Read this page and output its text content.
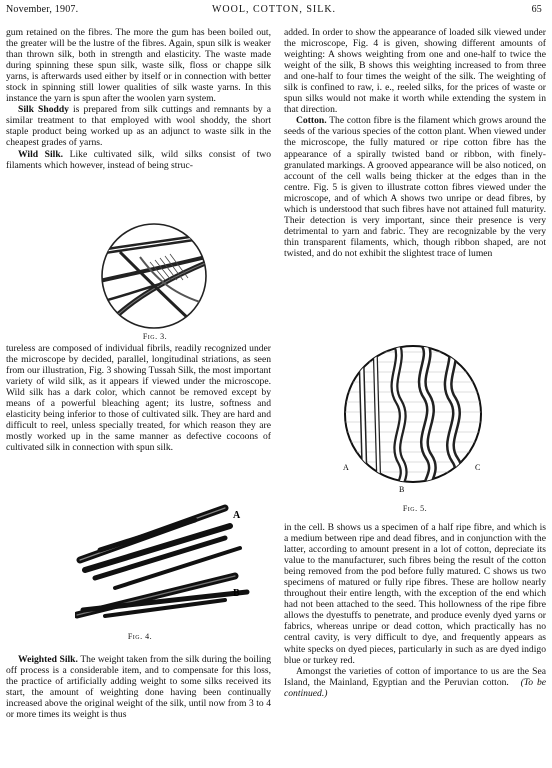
November, 1907.	WOOL, COTTON, SILK.	65

gum retained on the fibres. The more the gum has been boiled out, the greater will be the lustre of the fibres. Again, spun silk is weaker than thrown silk, both in strength and elasticity. The waste made during spinning these spun silk, waste silk, floss or chappe silk yarns, is afterwards used either by itself or in connection with better stock in spinning still lower qualities of silk waste yarns. In this instance the yarn is spun after the woolen yarn system.

Silk Shoddy is prepared from silk cuttings and remnants by a similar treatment to that employed with wool shoddy, the short staple product being worked up as an adjunct to waste silk in the cheapest grades of yarns.

Wild Silk. Like cultivated silk, wild silks consist of two filaments which however, instead of being struc-

Fig. 3.

tureless are composed of individual fibrils, readily recognized under the microscope by decided, parallel, longitudinal striations, as seen from our illustration, Fig. 3 showing Tussah Silk, the most important variety of wild silk, as it appears if viewed under the microscope. Wild silk has a dark color, which cannot be removed except by means of a powerful bleaching agent; its lustre, softness and elasticity being inferior to those of cultivated silk. They are hard and difficult to reel, unless specially treated, for which reason they are mostly worked up in the same manner as defective cocoons of cultivated silk in connection with spun silk.

A
B
Fig. 4.

Weighted Silk. The weight taken from the silk during the boiling off process is a considerable item, and to compensate for this loss, the practice of artificially adding weight to some silks received its start, the amount of weighting done having been continually increased above the original weight of the silk, until now from 3 to 4 or more times its weight is thus

added. In order to show the appearance of loaded silk viewed under the microscope, Fig. 4 is given, showing different amounts of weighting: A shows weighting from one and one-half to twice the weight of the silk, B shows this weighting increased to from three and one-half to four times the weight of the silk. The weighting of silk is confined to raw, i. e., reeled silks, for the prices of waste or spun silks would not make it worth while extending the system in that direction.

Cotton. The cotton fibre is the filament which grows around the seeds of the various species of the cotton plant. When viewed under the microscope, the fully matured or ripe cotton fibre has the appearance of a spirally twisted band or ribbon, with finely-granulated markings. A grooved appearance will be also noticed, on account of the cell walls being thicker at the edges than in the centre. Fig. 5 is given to illustrate cotton fibres viewed under the microscope, and of which A shows two unripe or dead fibres, by which is understood that such fibres have not attained full maturity. Their detection is very important, since their presence is very detrimental to yarn and fabric. They are recognizable by the very thin transparent filaments, which, though ribbon shaped, are not twisted, and do not exhibit the slightest trace of lumen

A
B
C
Fig. 5.

in the cell. B shows us a specimen of a half ripe fibre, and which is a medium between ripe and dead fibres, and in conjunction with the latter, according to amount present in a lot of cotton, depreciate its value to the manufacturer, such fibres being the result of the cotton being removed from the pod before fully matured. C shows us two specimens of matured or fully ripe fibres. These are hollow nearly throughout their entire length, with the exception of the end which had not been attached to the seed. This hollowness of the ripe fibre allows the dyestuffs to penetrate, and produce evenly dyed yarns or fabrics, whereas unripe or dead cotton, which practically has no central cavity, is very difficult to dye, and frequently appears as white specks on dyed pieces, particularly in such as are dyed indigo blue or turkey red.

Amongst the varieties of cotton of importance to us are the Sea Island, the Mainland, Egyptian and the Peruvian cotton. (To be continued.)
